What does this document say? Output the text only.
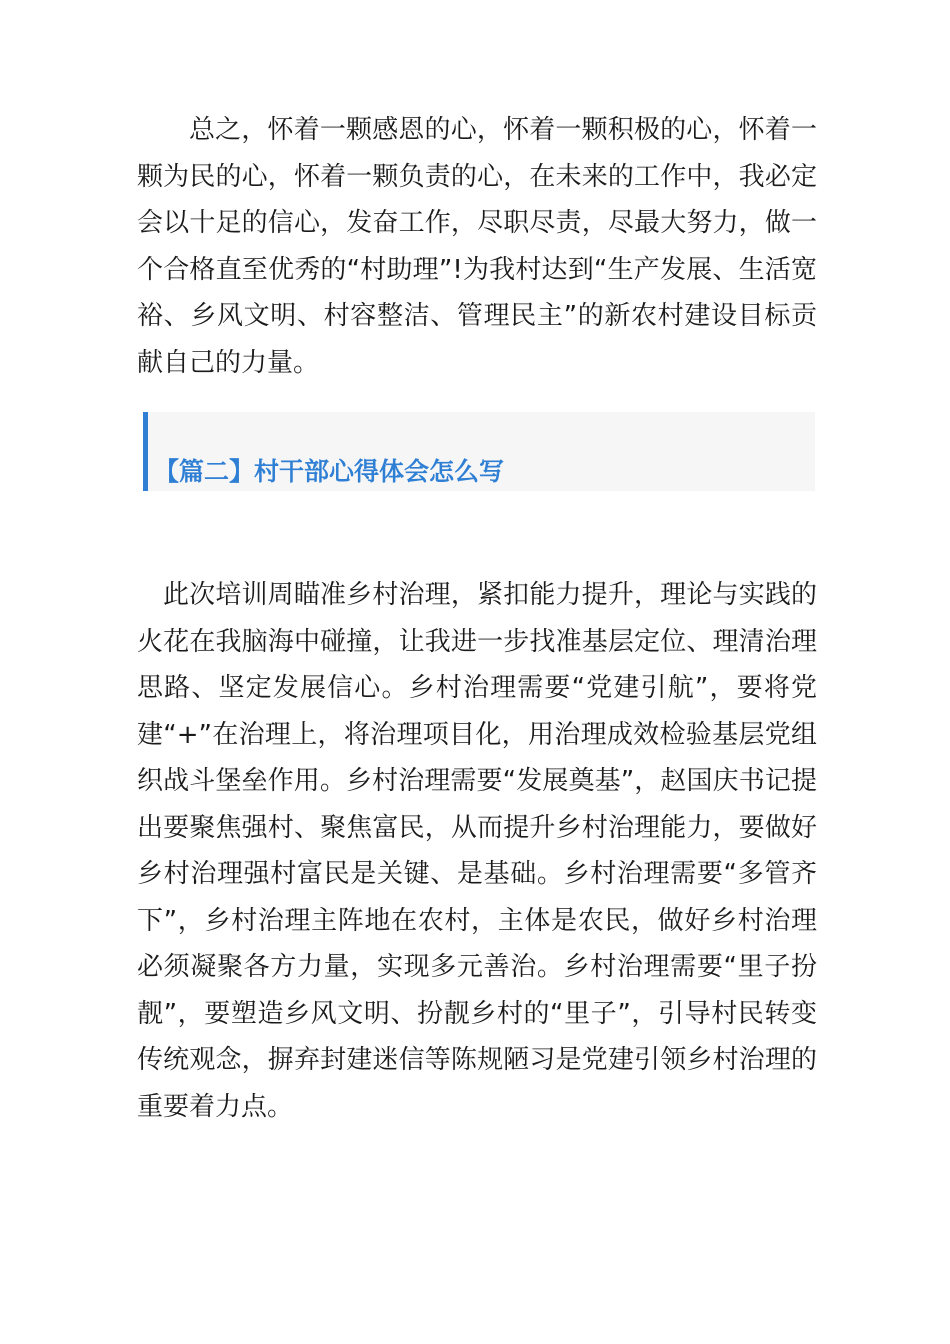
总之，怀着一颗感恩的心，怀着一颗积极的心，怀着一颗为民的心，怀着一颗负责的心，在未来的工作中，我必定会以十足的信心，发奋工作，尽职尽责，尽最大努力，做一个合格直至优秀的“村助理”!为我村达到“生产发展、生活宽裕、乡风文明、村容整洁、管理民主”的新农村建设目标贡献自己的力量。

【篇二】村干部心得体会怎么写

此次培训周瞄准乡村治理，紧扣能力提升，理论与实践的火花在我脑海中碰撞，让我进一步找准基层定位、理清治理思路、坚定发展信心。乡村治理需要“党建引航”，要将党建“+”在治理上，将治理项目化，用治理成效检验基层党组织战斗堡垒作用。乡村治理需要“发展奠基”，赵国庆书记提出要聚焦强村、聚焦富民，从而提升乡村治理能力，要做好乡村治理强村富民是关键、是基础。乡村治理需要“多管齐下”，乡村治理主阵地在农村，主体是农民，做好乡村治理必须凝聚各方力量，实现多元善治。乡村治理需要“里子扮靓”，要塑造乡风文明、扮靓乡村的“里子”，引导村民转变传统观念，摒弃封建迷信等陈规陋习是党建引领乡村治理的重要着力点。
